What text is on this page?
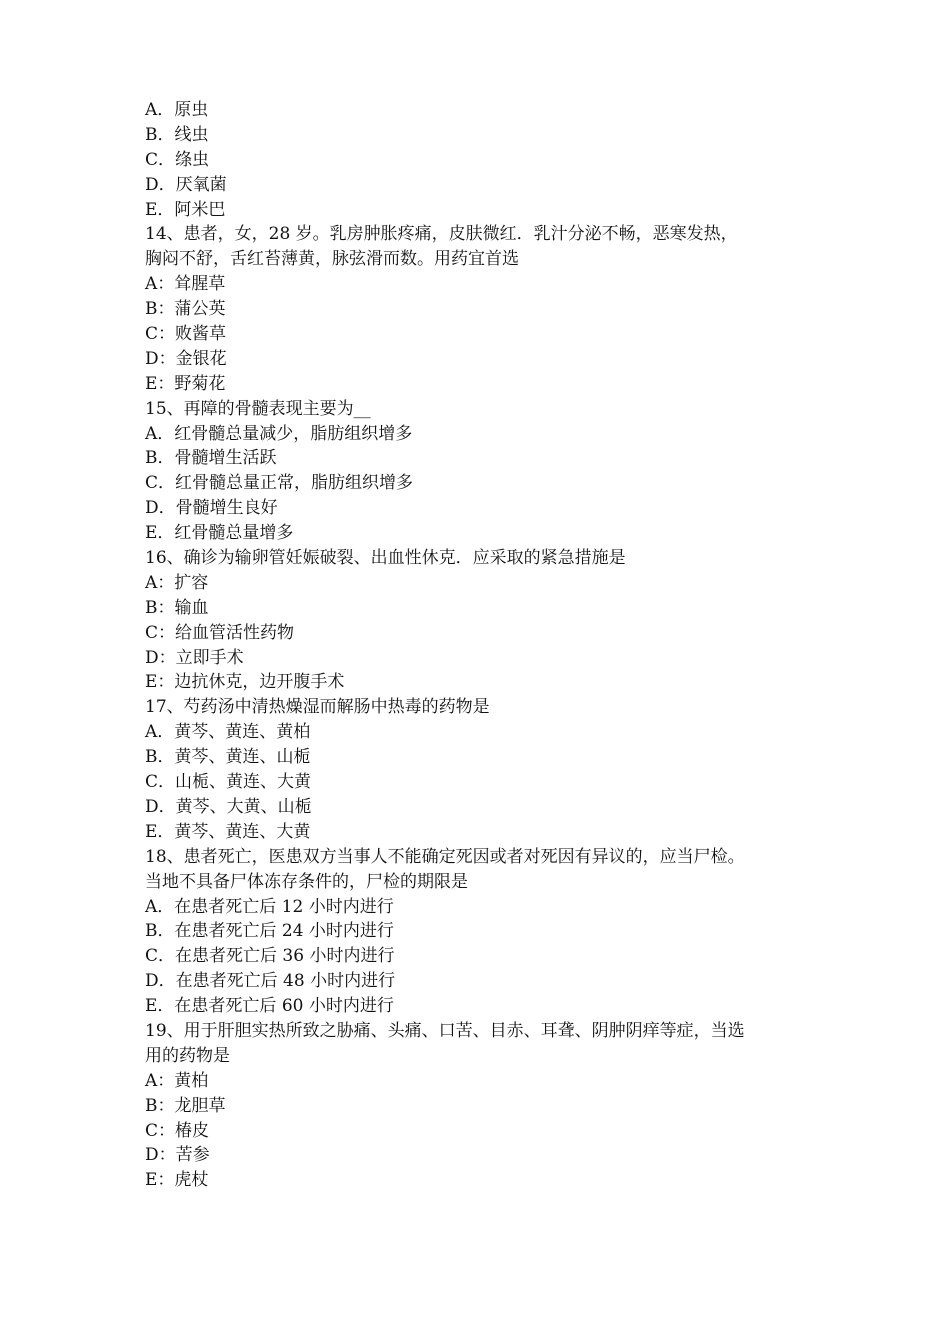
A．原虫
B．线虫
C．绦虫
D．厌氧菌
E．阿米巴
14、患者，女，28 岁。乳房肿胀疼痛，皮肤微红．乳汁分泌不畅，恶寒发热，
胸闷不舒，舌红苔薄黄，脉弦滑而数。用药宜首选
A：耸腥草
B：蒲公英
C：败酱草
D：金银花
E：野菊花
15、再障的骨髓表现主要为__
A．红骨髓总量减少，脂肪组织增多
B．骨髓增生活跃
C．红骨髓总量正常，脂肪组织增多
D．骨髓增生良好
E．红骨髓总量增多
16、确诊为输卵管妊娠破裂、出血性休克．应采取的紧急措施是
A：扩容
B：输血
C：给血管活性药物
D：立即手术
E：边抗休克，边开腹手术
17、芍药汤中清热燥湿而解肠中热毒的药物是
A．黄芩、黄连、黄柏
B．黄芩、黄连、山栀
C．山栀、黄连、大黄
D．黄芩、大黄、山栀
E．黄芩、黄连、大黄
18、患者死亡，医患双方当事人不能确定死因或者对死因有异议的，应当尸检。
当地不具备尸体冻存条件的，尸检的期限是
A．在患者死亡后 12 小时内进行
B．在患者死亡后 24 小时内进行
C．在患者死亡后 36 小时内进行
D．在患者死亡后 48 小时内进行
E．在患者死亡后 60 小时内进行
19、用于肝胆实热所致之胁痛、头痛、口苦、目赤、耳聋、阴肿阴痒等症，当选
用的药物是
A：黄柏
B：龙胆草
C：椿皮
D：苦参
E：虎杖
